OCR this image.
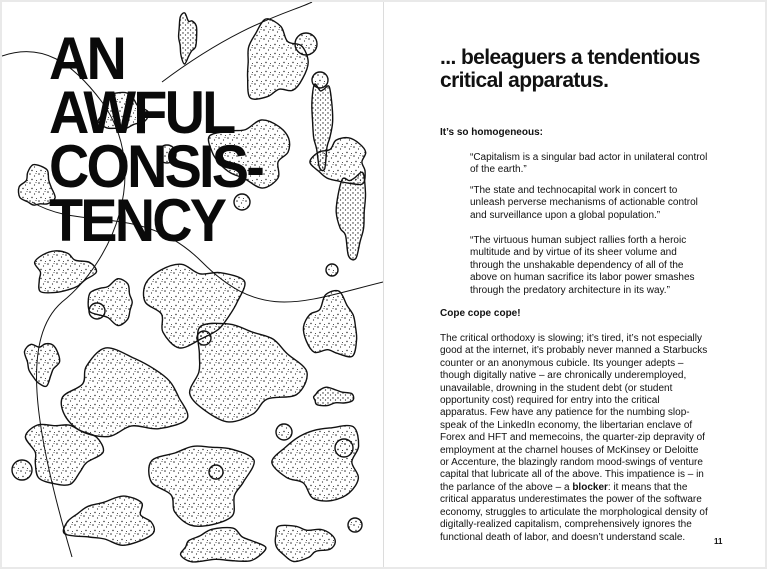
AN
AWFUL
CONSIS-
TENCY
... beleaguers a tendentious critical apparatus.

It’s so homogeneous:

“Capitalism is a singular bad actor in unilateral control of the earth.”

“The state and technocapital work in concert to unleash perverse mechanisms of actionable control and surveillance upon a global population.”

“The virtuous human subject rallies forth a heroic multitude and by virtue of its sheer volume and through the unshakable dependency of all of the above on human sacrifice its labor power smashes through the predatory architecture in its way.”

Cope cope cope!

The critical orthodoxy is slowing; it’s tired, it’s not especially good at the internet, it’s probably never manned a Starbucks counter or an anonymous cubicle. Its younger adepts – though digitally native – are chronically underemployed, unavailable, drowning in the student debt (or student opportunity cost) required for entry into the critical apparatus. Few have any patience for the numbing slop-speak of the LinkedIn economy, the libertarian enclave of Forex and HFT and memecoins, the quarter-zip depravity of employment at the charnel houses of McKinsey or Deloitte or Accenture, the blazingly random mood-swings of venture capital that lubricate all of the above. This impatience is – in the parlance of the above – a blocker: it means that the critical apparatus underestimates the power of the software economy, struggles to articulate the morphological density of digitally-realized capitalism, comprehensively ignores the functional death of labor, and doesn’t understand scale.	11
